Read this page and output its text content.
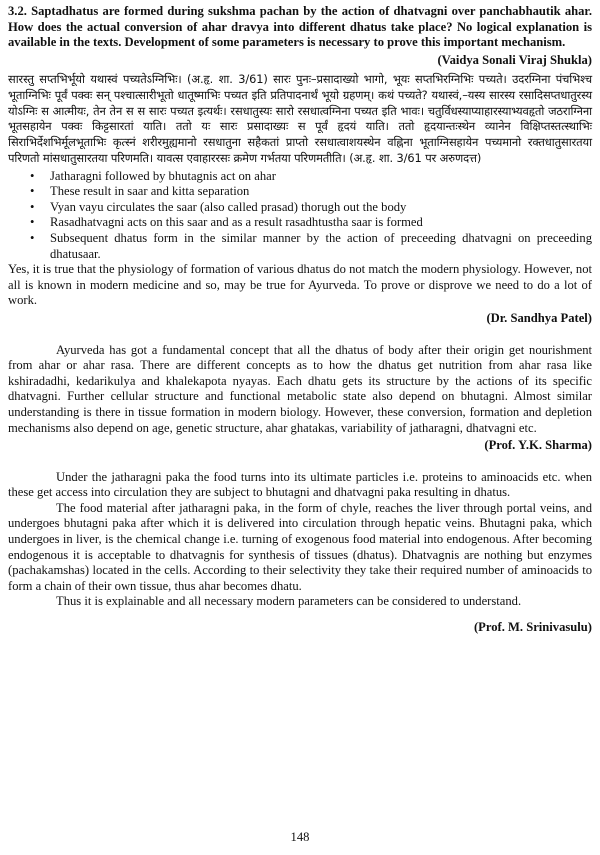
3.2. Saptadhatus are formed during sukshma pachan by the action of dhatvagni over panchabhautik ahar. How does the actual conversion of ahar dravya into different dhatus take place? No logical explanation is available in the texts. Development of some parameters is necessary to prove this important mechanism.

(Vaidya Sonali Viraj Shukla)
सारस्तु सप्तभिर्भूयो यथास्वं पच्यतेऽग्निभिः। (अ.हृ. शा. 3/61) सारः पुनः–प्रसादाख्यो भागो, भूयः सप्तभिरग्निभिः पच्यते। उदरग्निना पंचभिश्च भूताग्निभिः पूर्वं पक्वः सन् पश्चात्सारीभूतो धातूष्माभिः पच्यत इति प्रतिपादनार्थं भूयो ग्रहणम्। कथं पच्यते? यथास्वं,–यस्य सारस्य रसादिसप्तधातुरस्य योऽग्निः स आत्मीयः, तेन तेन स स सारः पच्यत इत्यर्थः। रसधातुस्यः सारो रसधात्वग्निना पच्यत इति भावः। चतुर्विधस्याप्याहारस्याभ्यवहृतो जठराग्निना भूतसहायेन पक्वः किट्टसारतां याति। ततो यः सारः प्रसादाख्यः स पूर्वं हृदयं याति। ततो हृदयान्तःस्थेन व्यानेन विक्षिप्तस्तत्स्थाभिः सिराभिर्देशभिर्मूलभूताभिः कृत्स्नं शरीरमुह्यमानो रसधातुना सहैकतां प्राप्तो रसधात्वाशयस्थेन वह्निना भूताग्निसहायेन पच्यमानो रक्तधातुसारतया परिणतो मांसधातुसारतया परिणमति। यावत्स एवाहाररसः क्रमेण गर्भतया परिणमतीति। (अ.हृ. शा. 3/61 पर अरुणदत्त)
• Jatharagni followed by bhutagnis act on ahar
• These result in saar and kitta separation
• Vyan vayu circulates the saar (also called prasad) thorugh out the body
• Rasadhatvagni acts on this saar and as a result rasadhtustha saar is formed
• Subsequent dhatus form in the similar manner by the action of preceeding dhatvagni on preceeding dhatusaar.

Yes, it is true that the physiology of formation of various dhatus do not match the modern physiology. However, not all is known in modern medicine and so, may be true for Ayurveda. To prove or disprove we need to do a lot of work.

(Dr. Sandhya Patel)

Ayurveda has got a fundamental concept that all the dhatus of body after their origin get nourishment from ahar or ahar rasa. There are different concepts as to how the dhatus get nutrition from ahar rasa like kshiradadhi, kedarikulya and khalekapota nyayas. Each dhatu gets its structure by the actions of its specific dhatvagni. Further cellular structure and functional metabolic state also depend on bhutagni. Almost similar understanding is there in tissue formation in modern biology. However, these conversion, formation and depletion mechanisms also depend on age, genetic structure, ahar ghatakas, variability of jatharagni, dhatvagni etc.

(Prof. Y.K. Sharma)

Under the jatharagni paka the food turns into its ultimate particles i.e. proteins to aminoacids etc. when these get access into circulation they are subject to bhutagni and dhatvagni paka resulting in dhatus.

The food material after jatharagni paka, in the form of chyle, reaches the liver through portal veins, and undergoes bhutagni paka after which it is delivered into circulation through hepatic veins. Bhutagni paka, which undergoes in liver, is the chemical change i.e. turning of exogenous food material into endogenous. After becoming endogenous it is acceptable to dhatvagnis for synthesis of tissues (dhatus). Dhatvagnis are nothing but enzymes (pachakamshas) located in the cells. According to their selectivity they take their required number of aminoacids to form a chain of their own tissue, thus ahar becomes dhatu.

Thus it is explainable and all necessary modern parameters can be considered to understand.

(Prof. M. Srinivasulu)
148
